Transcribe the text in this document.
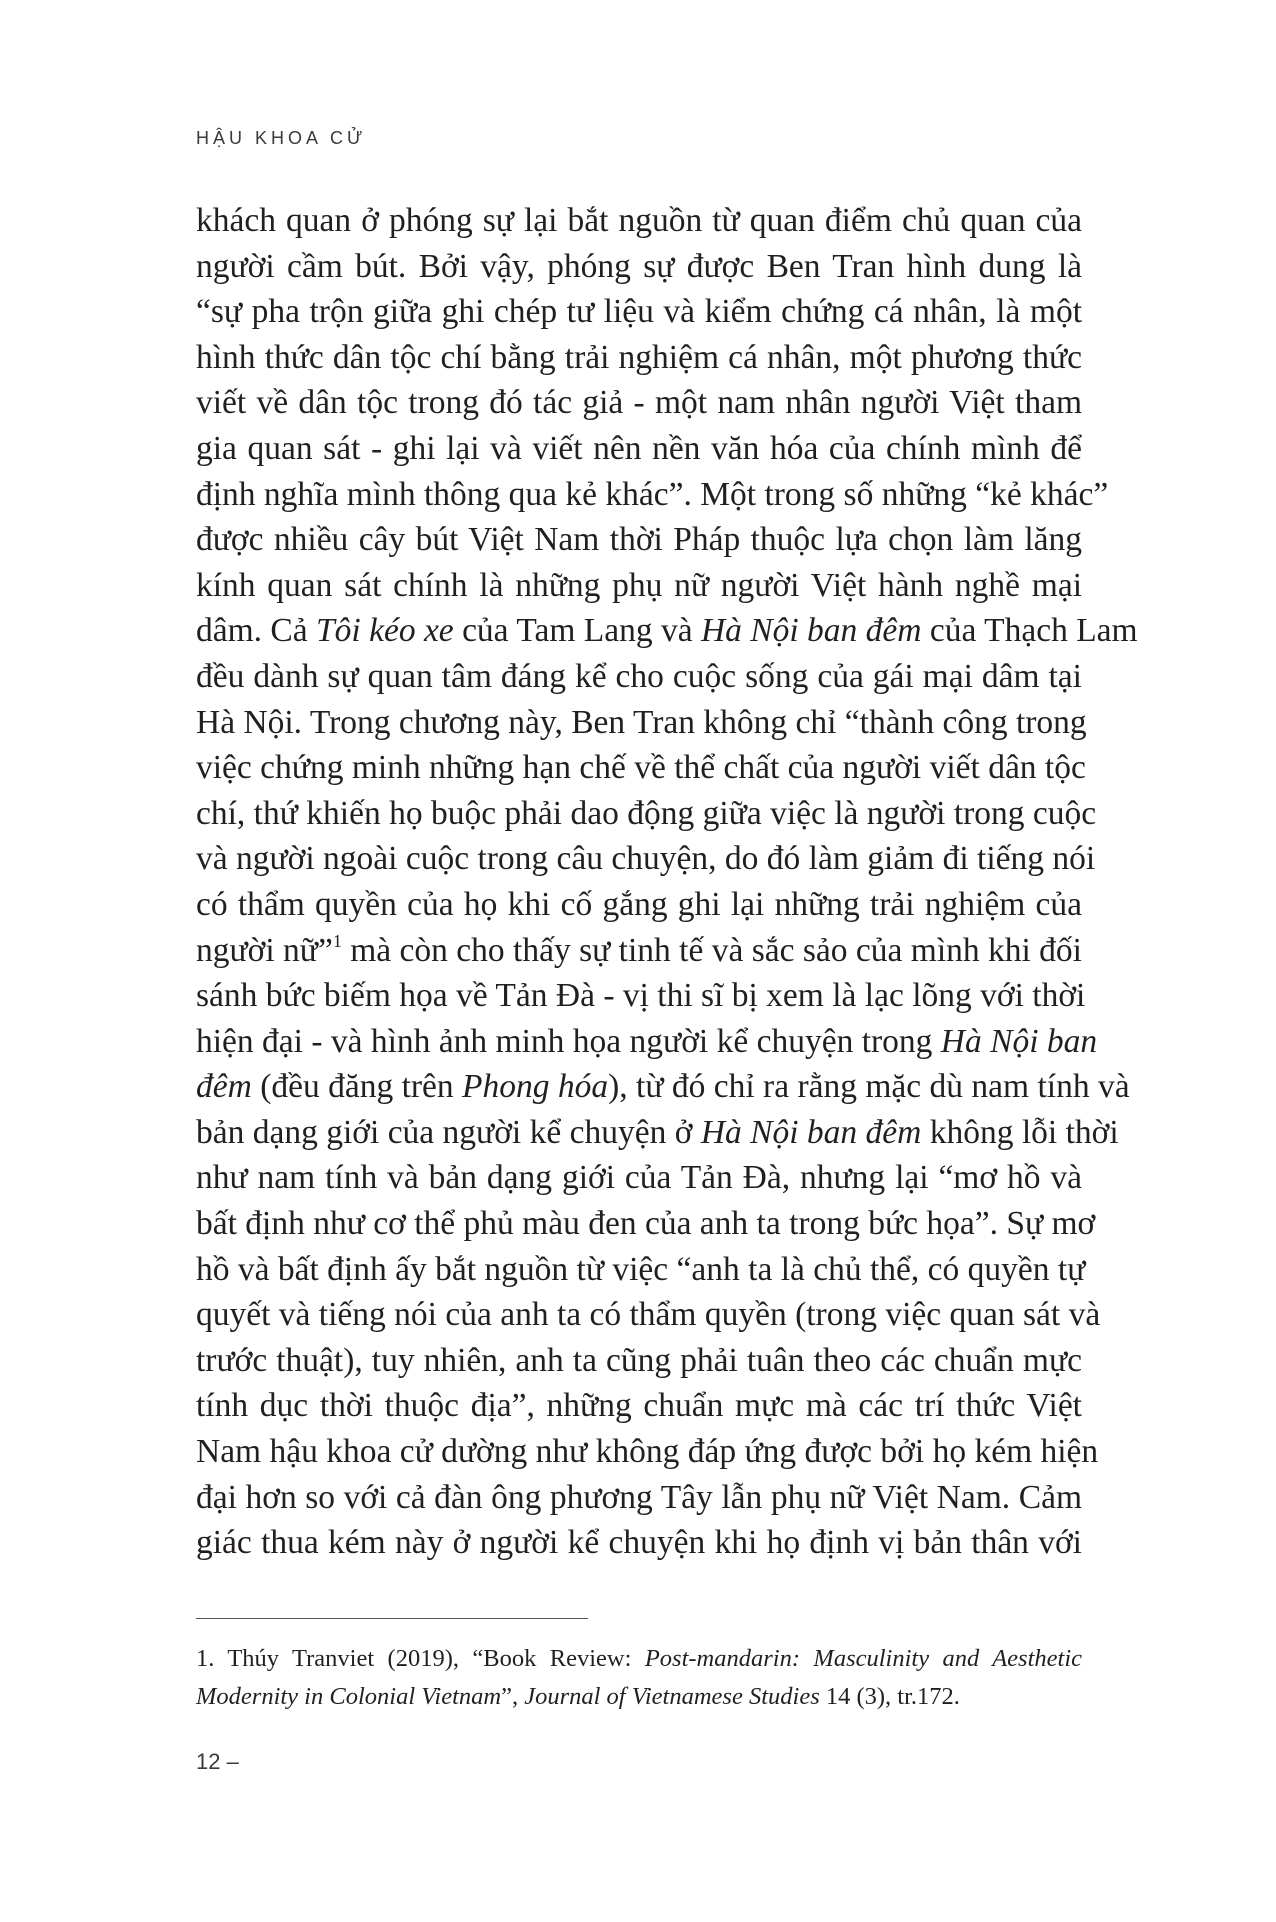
HẬU KHOA CỬ
khách quan ở phóng sự lại bắt nguồn từ quan điểm chủ quan của
người cầm bút. Bởi vậy, phóng sự được Ben Tran hình dung là
“sự pha trộn giữa ghi chép tư liệu và kiểm chứng cá nhân, là một
hình thức dân tộc chí bằng trải nghiệm cá nhân, một phương thức
viết về dân tộc trong đó tác giả - một nam nhân người Việt tham
gia quan sát - ghi lại và viết nên nền văn hóa của chính mình để
định nghĩa mình thông qua kẻ khác”. Một trong số những “kẻ khác”
được nhiều cây bút Việt Nam thời Pháp thuộc lựa chọn làm lăng
kính quan sát chính là những phụ nữ người Việt hành nghề mại
dâm. Cả Tôi kéo xe của Tam Lang và Hà Nội ban đêm của Thạch Lam
đều dành sự quan tâm đáng kể cho cuộc sống của gái mại dâm tại
Hà Nội. Trong chương này, Ben Tran không chỉ “thành công trong
việc chứng minh những hạn chế về thể chất của người viết dân tộc
chí, thứ khiến họ buộc phải dao động giữa việc là người trong cuộc
và người ngoài cuộc trong câu chuyện, do đó làm giảm đi tiếng nói
có thẩm quyền của họ khi cố gắng ghi lại những trải nghiệm của
người nữ”$^1$ mà còn cho thấy sự tinh tế và sắc sảo của mình khi đối
sánh bức biếm họa về Tản Đà - vị thi sĩ bị xem là lạc lõng với thời
hiện đại - và hình ảnh minh họa người kể chuyện trong Hà Nội ban
đêm (đều đăng trên Phong hóa), từ đó chỉ ra rằng mặc dù nam tính và
bản dạng giới của người kể chuyện ở Hà Nội ban đêm không lỗi thời
như nam tính và bản dạng giới của Tản Đà, nhưng lại “mơ hồ và
bất định như cơ thể phủ màu đen của anh ta trong bức họa”. Sự mơ
hồ và bất định ấy bắt nguồn từ việc “anh ta là chủ thể, có quyền tự
quyết và tiếng nói của anh ta có thẩm quyền (trong việc quan sát và
trước thuật), tuy nhiên, anh ta cũng phải tuân theo các chuẩn mực
tính dục thời thuộc địa”, những chuẩn mực mà các trí thức Việt
Nam hậu khoa cử dường như không đáp ứng được bởi họ kém hiện
đại hơn so với cả đàn ông phương Tây lẫn phụ nữ Việt Nam. Cảm
giác thua kém này ở người kể chuyện khi họ định vị bản thân với
1. Thúy Tranviet (2019), “Book Review: Post-mandarin: Masculinity and Aesthetic
Modernity in Colonial Vietnam”, Journal of Vietnamese Studies 14 (3), tr.172.
12 –
